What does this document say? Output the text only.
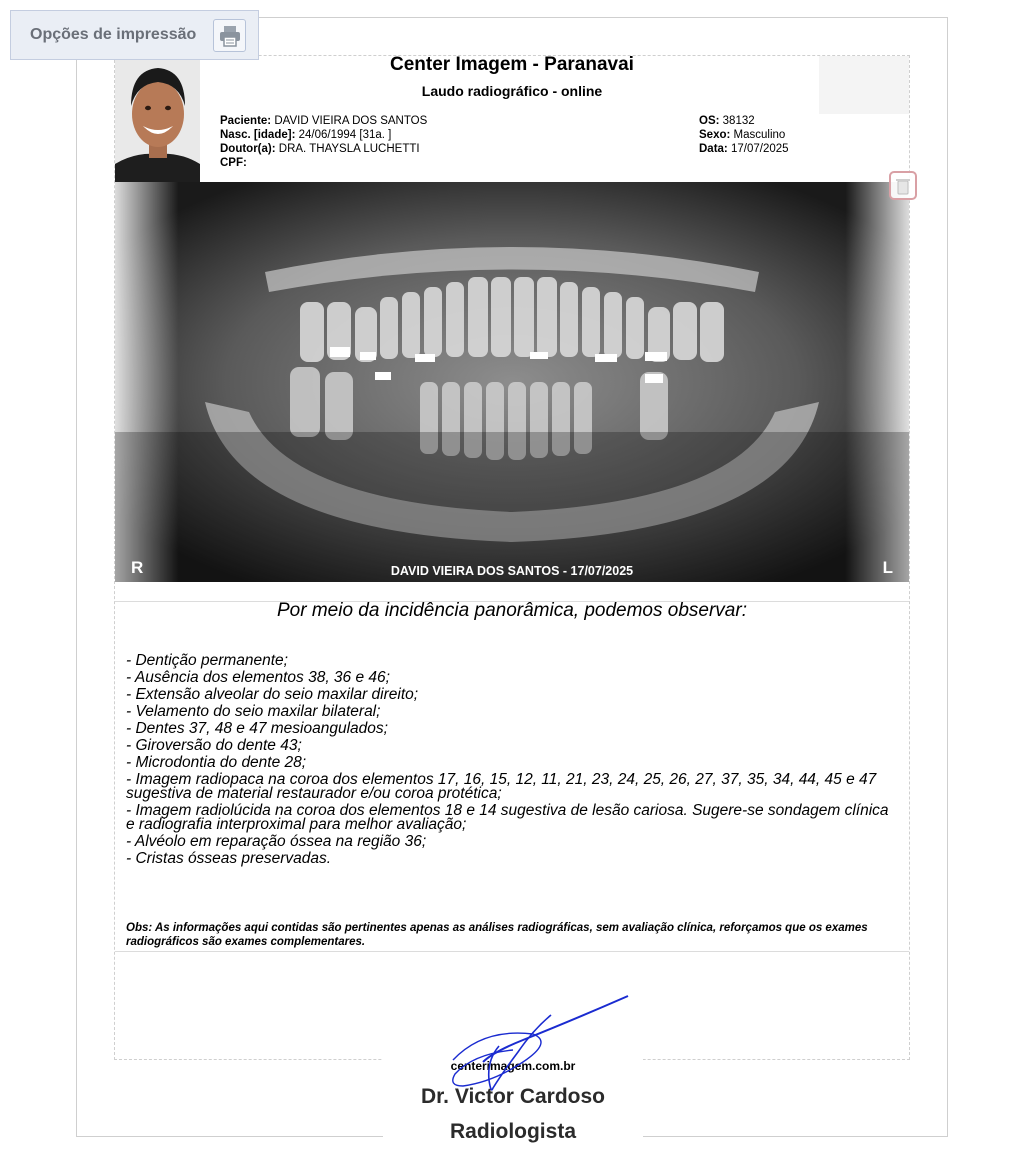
Opções de impressão
Center Imagem - Paranavai
Laudo radiográfico - online
Paciente: DAVID VIEIRA DOS SANTOS
Nasc. [idade]: 24/06/1994 [31a. ]
Doutor(a): DRA. THAYSLA LUCHETTI
CPF:
OS: 38132
Sexo: Masculino
Data: 17/07/2025
R	L
DAVID VIEIRA DOS SANTOS - 17/07/2025
Por meio da incidência panorâmica, podemos observar:
- Dentição permanente;
- Ausência dos elementos 38, 36 e 46;
- Extensão alveolar do seio maxilar direito;
- Velamento do seio maxilar bilateral;
- Dentes 37, 48 e 47 mesioangulados;
- Giroversão do dente 43;
- Microdontia do dente 28;
- Imagem radiopaca na coroa dos elementos 17, 16, 15, 12, 11, 21, 23, 24, 25, 26, 27, 37, 35, 34, 44, 45 e 47 sugestiva de material restaurador e/ou coroa protética;
- Imagem radiolúcida na coroa dos elementos 18 e 14 sugestiva de lesão cariosa. Sugere-se sondagem clínica e radiografia interproximal para melhor avaliação;
- Alvéolo em reparação óssea na região 36;
- Cristas ósseas preservadas.
Obs: As informações aqui contidas são pertinentes apenas as análises radiográficas, sem avaliação clínica, reforçamos que os exames radiográficos são exames complementares.
centerimagem.com.br
Dr. Victor Cardoso
Radiologista
